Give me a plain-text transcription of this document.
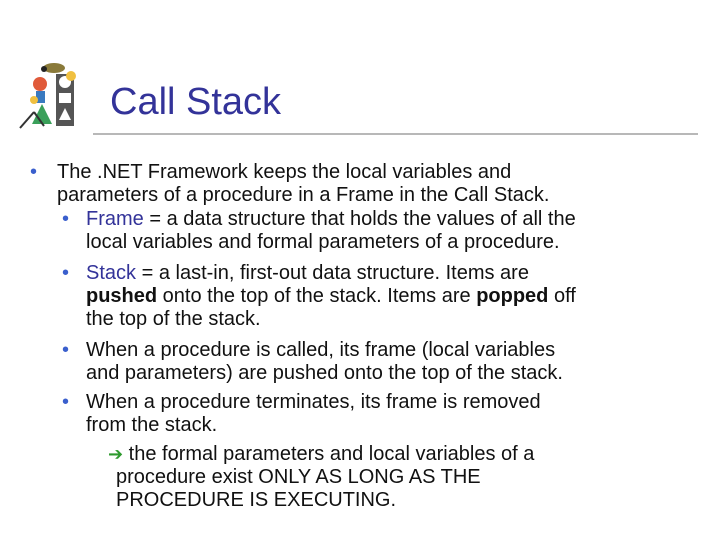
Call Stack
• The .NET Framework keeps the local variables and

parameters of a procedure in a Frame in the Call Stack.

• Frame = a data structure that holds the values of all the

local variables and formal parameters of a procedure.

• Stack = a last-in, first-out data structure. Items are

pushed onto the top of the stack. Items are popped off

the top of the stack.

• When a procedure is called, its frame (local variables

and parameters) are pushed onto the top of the stack.

• When a procedure terminates, its frame is removed

from the stack.

➔ the formal parameters and local variables of a

procedure exist ONLY AS LONG AS THE

PROCEDURE IS EXECUTING.
